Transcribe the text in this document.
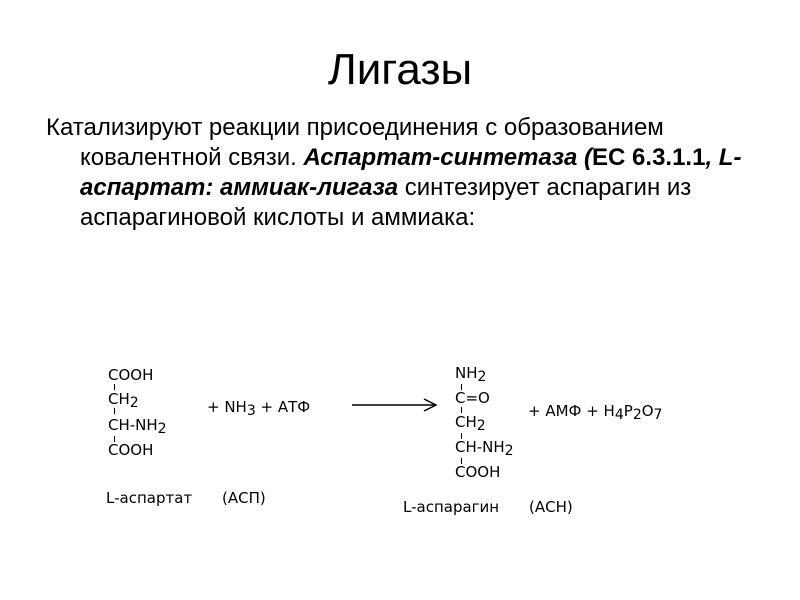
Лигазы

Катализируют реакции присоединения с образованием ковалентной связи. Аспартат-синтетаза (EC 6.3.1.1, L-аспартат: аммиак-лигаза синтезирует аспарагин из аспарагиновой кислоты и аммиака:

COOH
CH2
CH-NH2
COOH
+ NH3 + АТФ
NH2
C=O
CH2
CH-NH2
COOH
+ АМФ + H4P2O7
L-аспартат (АСП)	L-аспарагин (АСН)
